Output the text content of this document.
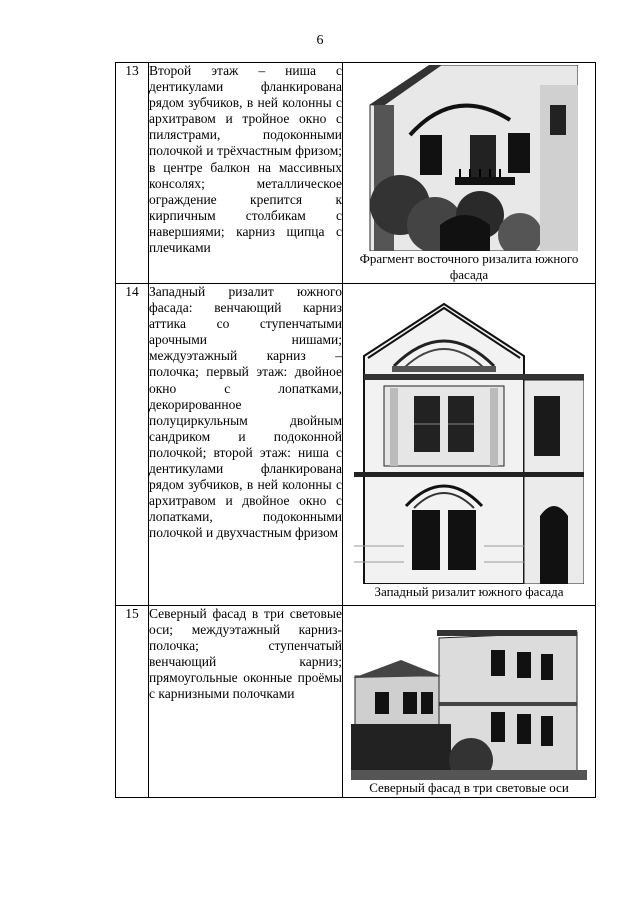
6
13	Второй этаж – ниша с дентикулами фланкирована рядом зубчиков, в ней колонны с архитравом и тройное окно с пилястрами, подоконными полочкой и трёхчастным фризом; в центре балкон на массивных консолях; металлическое ограждение крепится к кирпичным столбикам с навершиями; карниз щипца с плечиками	Фрагмент восточного ризалита южного фасада

14	Западный ризалит южного фасада: венчающий карниз аттика со ступенчатыми арочными нишами; междуэтажный карниз – полочка; первый этаж: двойное окно с лопатками, декорированное полуциркульным двойным сандриком и подоконной полочкой; второй этаж: ниша с дентикулами фланкирована рядом зубчиков, в ней колонны с архитравом и двойное окно с лопатками, подоконными полочкой и двухчастным фризом	Западный ризалит южного фасада

15	Северный фасад в три световые оси; междуэтажный карниз-полочка; ступенчатый венчающий карниз; прямоугольные оконные проёмы с карнизными полочками	Северный фасад в три световые оси
